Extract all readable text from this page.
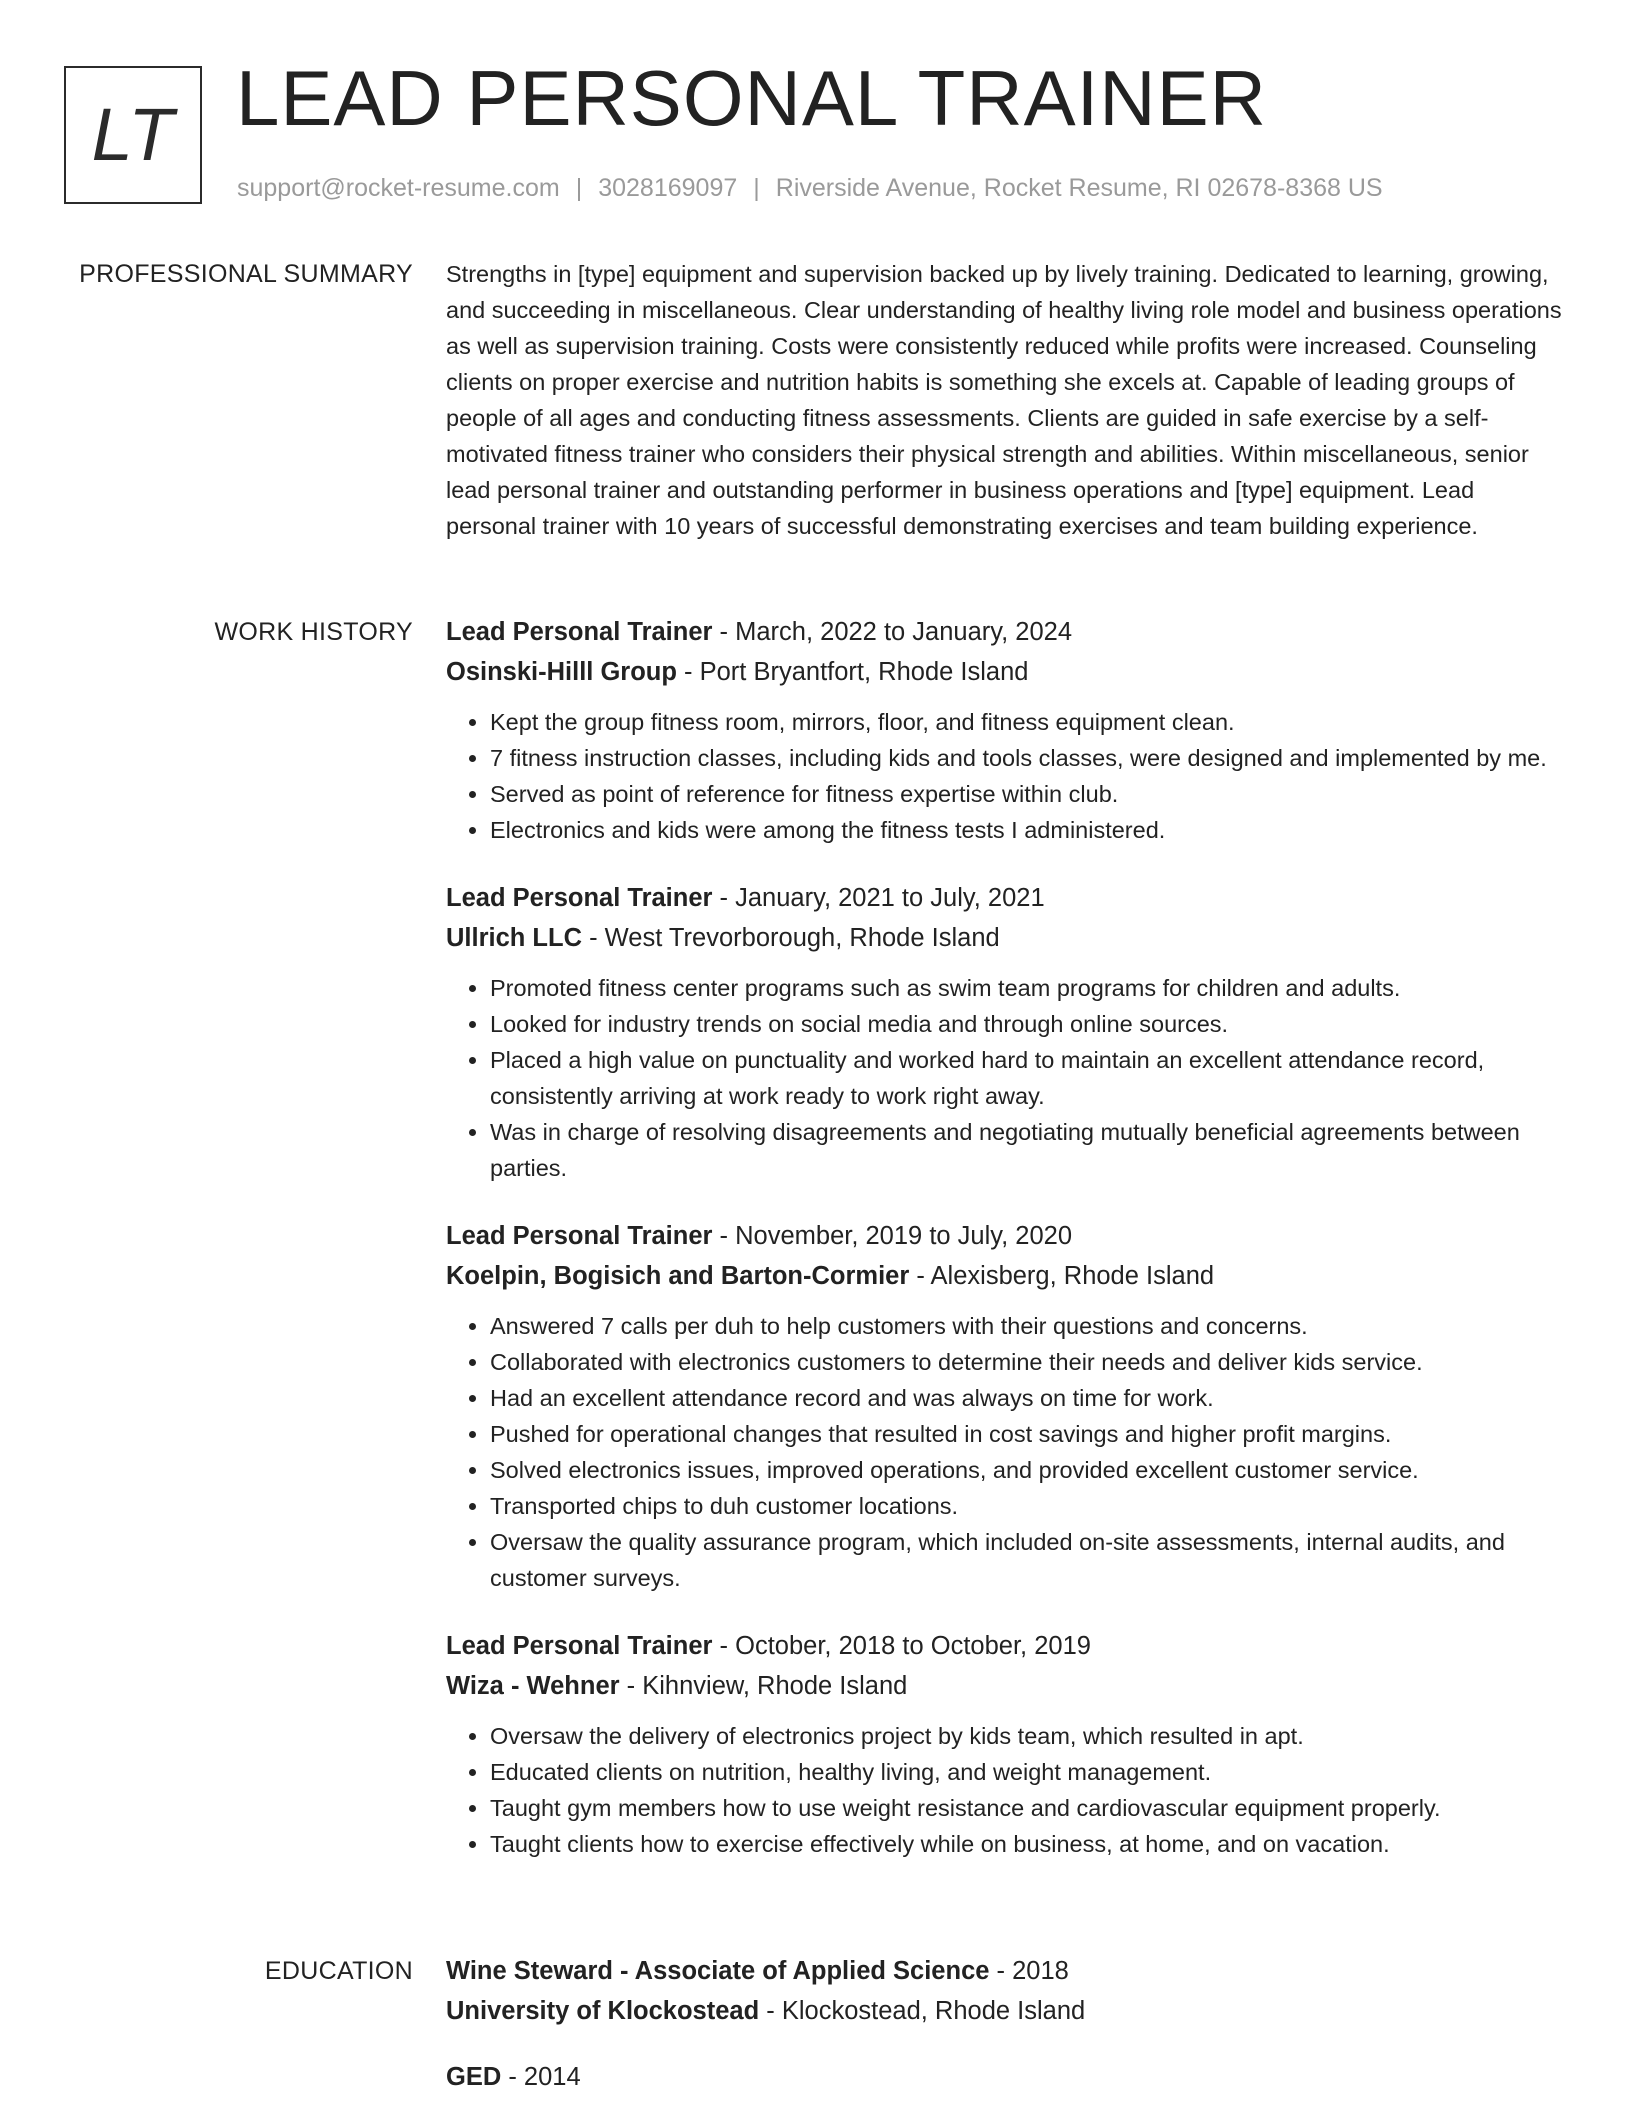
LT LEAD PERSONAL TRAINER
support@rocket-resume.com | 3028169097 | Riverside Avenue, Rocket Resume, RI 02678-8368 US
PROFESSIONAL SUMMARY Strengths in [type] equipment and supervision backed up by lively training. Dedicated to learning, growing, and succeeding in miscellaneous. Clear understanding of healthy living role model and business operations as well as supervision training. Costs were consistently reduced while profits were increased. Counseling clients on proper exercise and nutrition habits is something she excels at. Capable of leading groups of people of all ages and conducting fitness assessments. Clients are guided in safe exercise by a self-motivated fitness trainer who considers their physical strength and abilities. Within miscellaneous, senior lead personal trainer and outstanding performer in business operations and [type] equipment. Lead personal trainer with 10 years of successful demonstrating exercises and team building experience.

WORK HISTORY Lead Personal Trainer - March, 2022 to January, 2024
Osinski-Hilll Group - Port Bryantfort, Rhode Island
• Kept the group fitness room, mirrors, floor, and fitness equipment clean.
• 7 fitness instruction classes, including kids and tools classes, were designed and implemented by me.
• Served as point of reference for fitness expertise within club.
• Electronics and kids were among the fitness tests I administered.
Lead Personal Trainer - January, 2021 to July, 2021
Ullrich LLC - West Trevorborough, Rhode Island
• Promoted fitness center programs such as swim team programs for children and adults.
• Looked for industry trends on social media and through online sources.
• Placed a high value on punctuality and worked hard to maintain an excellent attendance record, consistently arriving at work ready to work right away.
• Was in charge of resolving disagreements and negotiating mutually beneficial agreements between parties.
Lead Personal Trainer - November, 2019 to July, 2020
Koelpin, Bogisich and Barton-Cormier - Alexisberg, Rhode Island
• Answered 7 calls per duh to help customers with their questions and concerns.
• Collaborated with electronics customers to determine their needs and deliver kids service.
• Had an excellent attendance record and was always on time for work.
• Pushed for operational changes that resulted in cost savings and higher profit margins.
• Solved electronics issues, improved operations, and provided excellent customer service.
• Transported chips to duh customer locations.
• Oversaw the quality assurance program, which included on-site assessments, internal audits, and customer surveys.
Lead Personal Trainer - October, 2018 to October, 2019
Wiza - Wehner - Kihnview, Rhode Island
• Oversaw the delivery of electronics project by kids team, which resulted in apt.
• Educated clients on nutrition, healthy living, and weight management.
• Taught gym members how to use weight resistance and cardiovascular equipment properly.
• Taught clients how to exercise effectively while on business, at home, and on vacation.
EDUCATION Wine Steward - Associate of Applied Science - 2018
University of Klockostead - Klockostead, Rhode Island
GED - 2014
